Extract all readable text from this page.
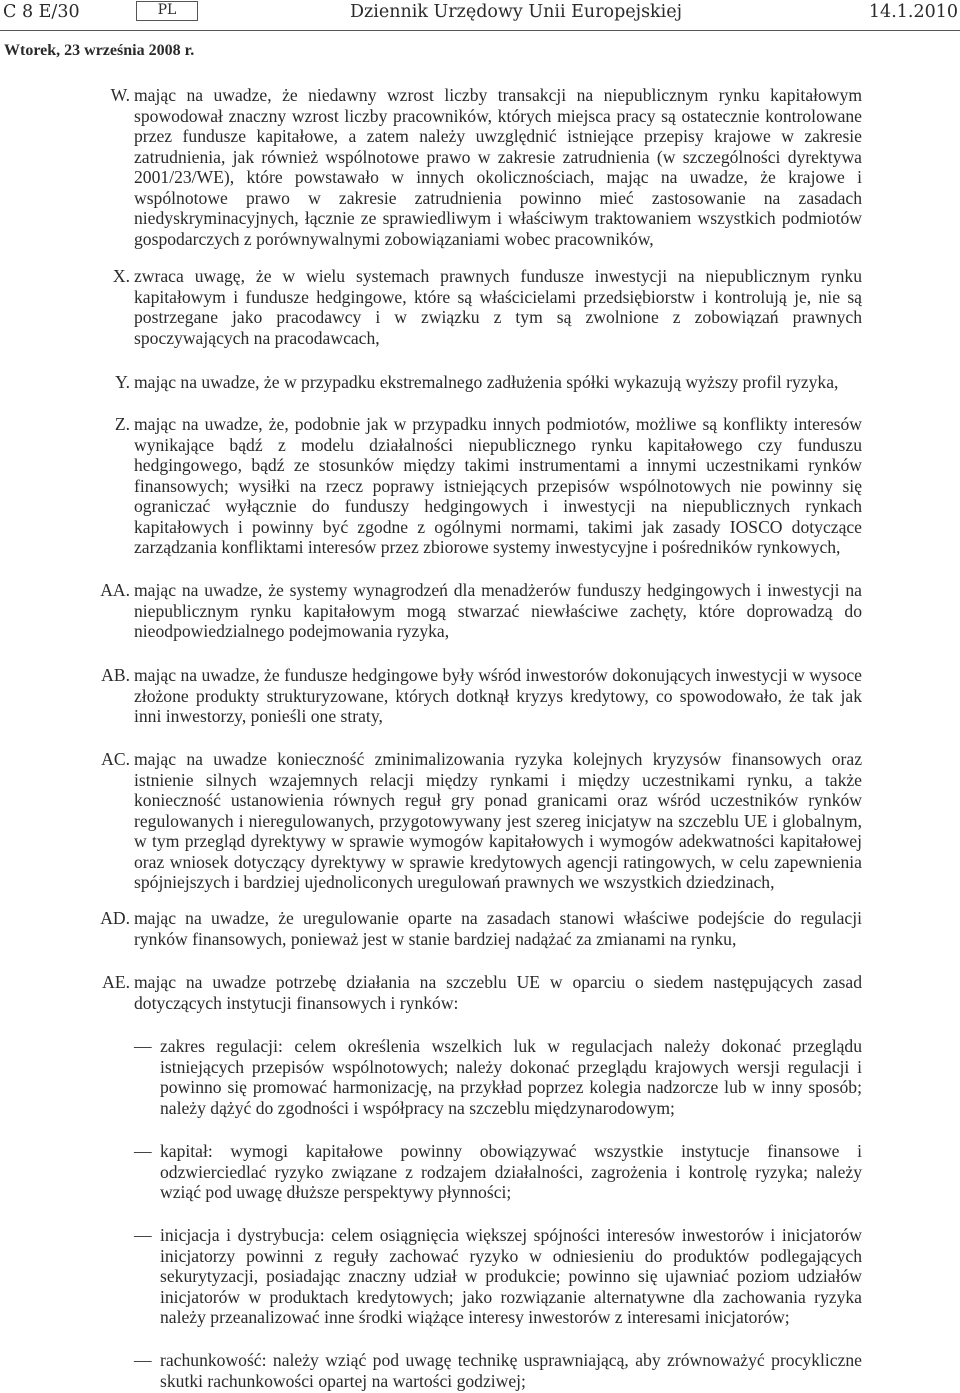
C 8 E/30	PL	Dziennik Urzędowy Unii Europejskiej	14.1.2010
Wtorek, 23 września 2008 r.
W. mając na uwadze, że niedawny wzrost liczby transakcji na niepublicznym rynku kapitałowym spowodował znaczny wzrost liczby pracowników, których miejsca pracy są ostatecznie kontrolowane przez fundusze kapitałowe, a zatem należy uwzględnić istniejące przepisy krajowe w zakresie zatrudnienia, jak również wspólnotowe prawo w zakresie zatrudnienia (w szczególności dyrektywa 2001/23/WE), które powstawało w innych okolicznościach, mając na uwadze, że krajowe i wspólnotowe prawo w zakresie zatrudnienia powinno mieć zastosowanie na zasadach niedyskryminacyjnych, łącznie ze sprawiedliwym i właściwym traktowaniem wszystkich podmiotów gospodarczych z porównywalnymi zobowiązaniami wobec pracowników,
X. zwraca uwagę, że w wielu systemach prawnych fundusze inwestycji na niepublicznym rynku kapitałowym i fundusze hedgingowe, które są właścicielami przedsiębiorstw i kontrolują je, nie są postrzegane jako pracodawcy i w związku z tym są zwolnione z zobowiązań prawnych spoczywających na pracodawcach,
Y. mając na uwadze, że w przypadku ekstremalnego zadłużenia spółki wykazują wyższy profil ryzyka,
Z. mając na uwadze, że, podobnie jak w przypadku innych podmiotów, możliwe są konflikty interesów wynikające bądź z modelu działalności niepublicznego rynku kapitałowego czy funduszu hedgingowego, bądź ze stosunków między takimi instrumentami a innymi uczestnikami rynków finansowych; wysiłki na rzecz poprawy istniejących przepisów wspólnotowych nie powinny się ograniczać wyłącznie do funduszy hedgingowych i inwestycji na niepublicznych rynkach kapitałowych i powinny być zgodne z ogólnymi normami, takimi jak zasady IOSCO dotyczące zarządzania konfliktami interesów przez zbiorowe systemy inwestycyjne i pośredników rynkowych,
AA. mając na uwadze, że systemy wynagrodzeń dla menadżerów funduszy hedgingowych i inwestycji na niepublicznym rynku kapitałowym mogą stwarzać niewłaściwe zachęty, które doprowadzą do nieodpowiedzialnego podejmowania ryzyka,
AB. mając na uwadze, że fundusze hedgingowe były wśród inwestorów dokonujących inwestycji w wysoce złożone produkty strukturyzowane, których dotknął kryzys kredytowy, co spowodowało, że tak jak inni inwestorzy, ponieśli one straty,
AC. mając na uwadze konieczność zminimalizowania ryzyka kolejnych kryzysów finansowych oraz istnienie silnych wzajemnych relacji między rynkami i między uczestnikami rynku, a także konieczność ustanowienia równych reguł gry ponad granicami oraz wśród uczestników rynków regulowanych i nieregulowanych, przygotowywany jest szereg inicjatyw na szczeblu UE i globalnym, w tym przegląd dyrektywy w sprawie wymogów kapitałowych i wymogów adekwatności kapitałowej oraz wniosek dotyczący dyrektywy w sprawie kredytowych agencji ratingowych, w celu zapewnienia spójniejszych i bardziej ujednoliconych uregulowań prawnych we wszystkich dziedzinach,
AD. mając na uwadze, że uregulowanie oparte na zasadach stanowi właściwe podejście do regulacji rynków finansowych, ponieważ jest w stanie bardziej nadążać za zmianami na rynku,
AE. mając na uwadze potrzebę działania na szczeblu UE w oparciu o siedem następujących zasad dotyczących instytucji finansowych i rynków:
— zakres regulacji: celem określenia wszelkich luk w regulacjach należy dokonać przeglądu istniejących przepisów wspólnotowych; należy dokonać przeglądu krajowych wersji regulacji i powinno się promować harmonizację, na przykład poprzez kolegia nadzorcze lub w inny sposób; należy dążyć do zgodności i współpracy na szczeblu międzynarodowym;
— kapitał: wymogi kapitałowe powinny obowiązywać wszystkie instytucje finansowe i odzwierciedlać ryzyko związane z rodzajem działalności, zagrożenia i kontrolę ryzyka; należy wziąć pod uwagę dłuższe perspektywy płynności;
— inicjacja i dystrybucja: celem osiągnięcia większej spójności interesów inwestorów i inicjatorów inicjatorzy powinni z reguły zachować ryzyko w odniesieniu do produktów podlegających sekurytyzacji, posiadając znaczny udział w produkcie; powinno się ujawniać poziom udziałów inicjatorów w produktach kredytowych; jako rozwiązanie alternatywne dla zachowania ryzyka należy przeanalizować inne środki wiążące interesy inwestorów z interesami inicjatorów;
— rachunkowość: należy wziąć pod uwagę technikę usprawniającą, aby zrównoważyć procykliczne skutki rachunkowości opartej na wartości godziwej;
